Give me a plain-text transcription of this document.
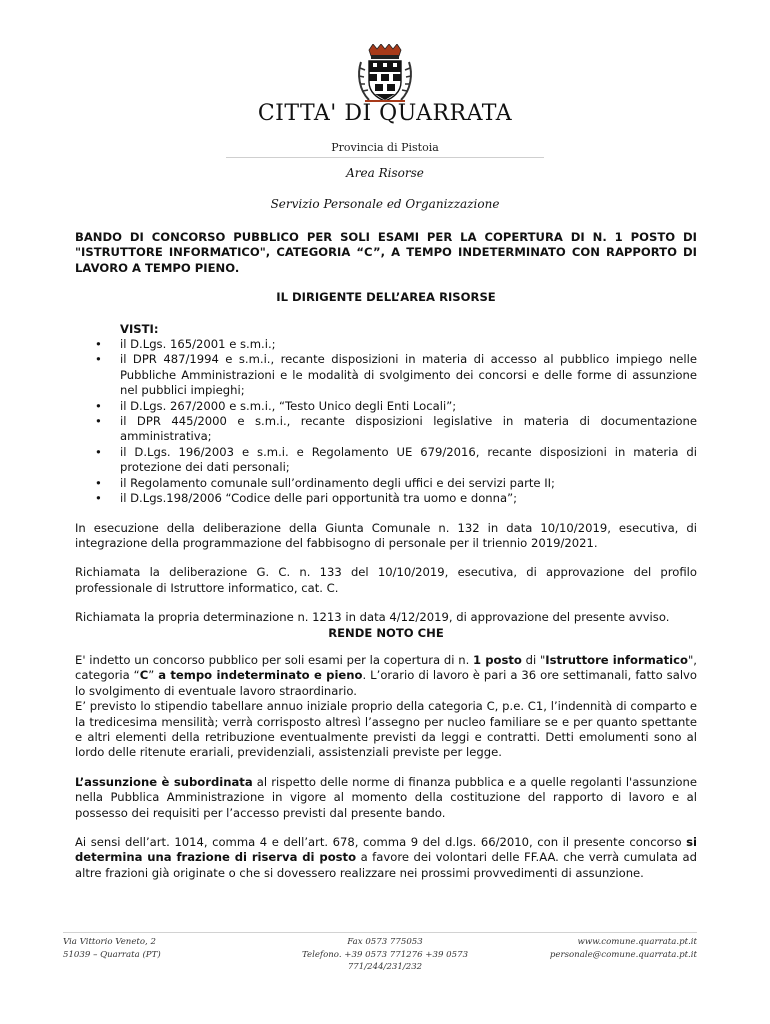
CITTA' DI QUARRATA
Provincia di Pistoia
Area Risorse
Servizio Personale ed Organizzazione

BANDO DI CONCORSO PUBBLICO PER SOLI ESAMI PER LA COPERTURA DI N. 1 POSTO DI "ISTRUTTORE INFORMATICO", CATEGORIA “C”, A TEMPO INDETERMINATO CON RAPPORTO DI LAVORO A TEMPO PIENO.

IL DIRIGENTE DELL’AREA RISORSE

VISTI:

• il D.Lgs. 165/2001 e s.m.i.;
• il DPR 487/1994 e s.m.i., recante disposizioni in materia di accesso al pubblico impiego nelle Pubbliche Amministrazioni e le modalità di svolgimento dei concorsi e delle forme di assunzione nel pubblici impieghi;
• il D.Lgs. 267/2000 e s.m.i., “Testo Unico degli Enti Locali”;
• il DPR 445/2000 e s.m.i., recante disposizioni legislative in materia di documentazione amministrativa;
• il D.Lgs. 196/2003 e s.m.i. e Regolamento UE 679/2016, recante disposizioni in materia di protezione dei dati personali;
• il Regolamento comunale sull’ordinamento degli uffici e dei servizi parte II;
• il D.Lgs.198/2006 “Codice delle pari opportunità tra uomo e donna”;

In esecuzione della deliberazione della Giunta Comunale n. 132 in data 10/10/2019, esecutiva, di integrazione della programmazione del fabbisogno di personale per il triennio 2019/2021.

Richiamata la deliberazione G. C. n. 133 del 10/10/2019, esecutiva, di approvazione del profilo professionale di Istruttore informatico, cat. C.

Richiamata la propria determinazione n. 1213 in data 4/12/2019, di approvazione del presente avviso.

RENDE NOTO CHE

E' indetto un concorso pubblico per soli esami per la copertura di n. 1 posto di "Istruttore informatico", categoria “C” a tempo indeterminato e pieno. L’orario di lavoro è pari a 36 ore settimanali, fatto salvo lo svolgimento di eventuale lavoro straordinario.

E’ previsto lo stipendio tabellare annuo iniziale proprio della categoria C, p.e. C1, l’indennità di comparto e la tredicesima mensilità; verrà corrisposto altresì l’assegno per nucleo familiare se e per quanto spettante e altri elementi della retribuzione eventualmente previsti da leggi e contratti. Detti emolumenti sono al lordo delle ritenute erariali, previdenziali, assistenziali previste per legge.

L’assunzione è subordinata al rispetto delle norme di finanza pubblica e a quelle regolanti l'assunzione nella Pubblica Amministrazione in vigore al momento della costituzione del rapporto di lavoro e al possesso dei requisiti per l’accesso previsti dal presente bando.

Ai sensi dell’art. 1014, comma 4 e dell’art. 678, comma 9 del d.lgs. 66/2010, con il presente concorso si determina una frazione di riserva di posto a favore dei volontari delle FF.AA. che verrà cumulata ad altre frazioni già originate o che si dovessero realizzare nei prossimi provvedimenti di assunzione.

Via Vittorio Veneto, 2
51039 – Quarrata (PT)
Fax 0573 775053
Telefono. +39 0573 771276 +39 0573
771/244/231/232
www.comune.quarrata.pt.it
personale@comune.quarrata.pt.it
